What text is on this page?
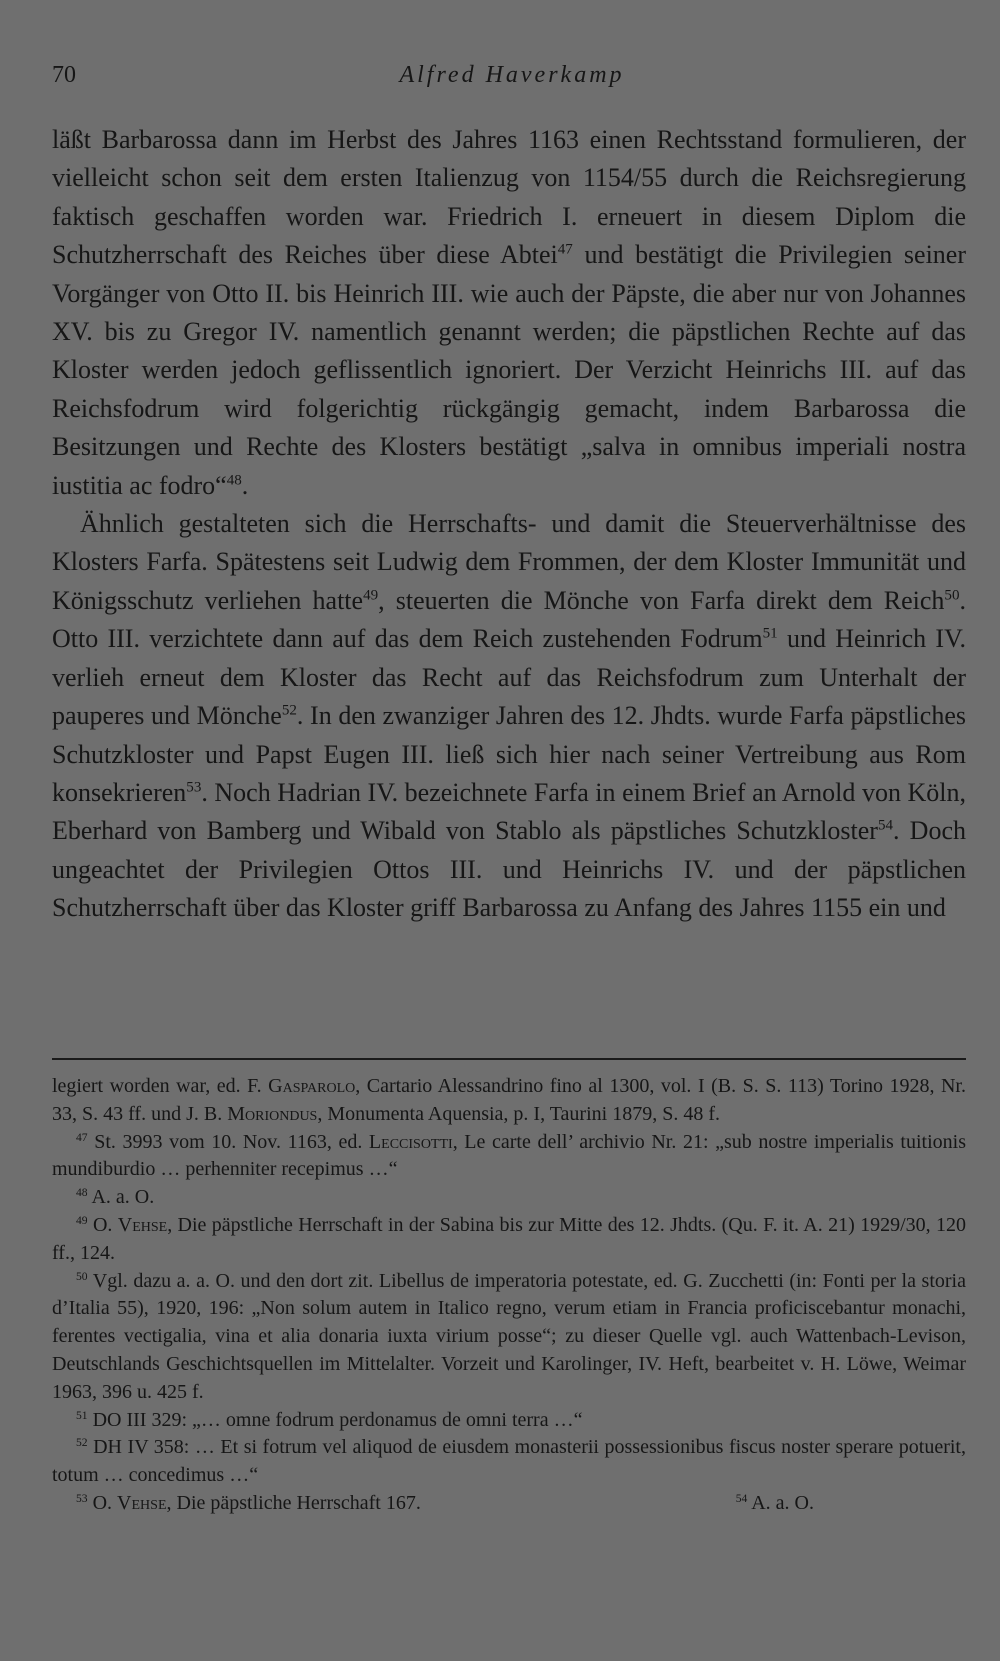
70	Alfred Haverkamp

läßt Barbarossa dann im Herbst des Jahres 1163 einen Rechtsstand formulieren, der vielleicht schon seit dem ersten Italienzug von 1154/55 durch die Reichsregierung faktisch geschaffen worden war. Friedrich I. erneuert in diesem Diplom die Schutzherrschaft des Reiches über diese Abtei$^{47}$ und bestätigt die Privilegien seiner Vorgänger von Otto II. bis Heinrich III. wie auch der Päpste, die aber nur von Johannes XV. bis zu Gregor IV. namentlich genannt werden; die päpstlichen Rechte auf das Kloster werden jedoch geflissentlich ignoriert. Der Verzicht Heinrichs III. auf das Reichsfodrum wird folgerichtig rückgängig gemacht, indem Barbarossa die Besitzungen und Rechte des Klosters bestätigt „salva in omnibus imperiali nostra iustitia ac fodro“$^{48}$.

Ähnlich gestalteten sich die Herrschafts- und damit die Steuerverhältnisse des Klosters Farfa. Spätestens seit Ludwig dem Frommen, der dem Kloster Immunität und Königsschutz verliehen hatte$^{49}$, steuerten die Mönche von Farfa direkt dem Reich$^{50}$. Otto III. verzichtete dann auf das dem Reich zustehenden Fodrum$^{51}$ und Heinrich IV. verlieh erneut dem Kloster das Recht auf das Reichsfodrum zum Unterhalt der pauperes und Mönche$^{52}$. In den zwanziger Jahren des 12. Jhdts. wurde Farfa päpstliches Schutzkloster und Papst Eugen III. ließ sich hier nach seiner Vertreibung aus Rom konsekrieren$^{53}$. Noch Hadrian IV. bezeichnete Farfa in einem Brief an Arnold von Köln, Eberhard von Bamberg und Wibald von Stablo als päpstliches Schutzkloster$^{54}$. Doch ungeachtet der Privilegien Ottos III. und Heinrichs IV. und der päpstlichen Schutzherrschaft über das Kloster griff Barbarossa zu Anfang des Jahres 1155 ein und

legiert worden war, ed. F. Gasparolo, Cartario Alessandrino fino al 1300, vol. I (B. S. S. 113) Torino 1928, Nr. 33, S. 43 ff. und J. B. Moriondus, Monumenta Aquensia, p. I, Taurini 1879, S. 48 f.

$^{47}$ St. 3993 vom 10. Nov. 1163, ed. Leccisotti, Le carte dell’ archivio Nr. 21: „sub nostre imperialis tuitionis mundiburdio … perhenniter recepimus …“

$^{48}$ A. a. O.

$^{49}$ O. Vehse, Die päpstliche Herrschaft in der Sabina bis zur Mitte des 12. Jhdts. (Qu. F. it. A. 21) 1929/30, 120 ff., 124.

$^{50}$ Vgl. dazu a. a. O. und den dort zit. Libellus de imperatoria potestate, ed. G. Zucchetti (in: Fonti per la storia d’Italia 55), 1920, 196: „Non solum autem in Italico regno, verum etiam in Francia proficiscebantur monachi, ferentes vectigalia, vina et alia donaria iuxta virium posse“; zu dieser Quelle vgl. auch Wattenbach-Levison, Deutschlands Geschichtsquellen im Mittelalter. Vorzeit und Karolinger, IV. Heft, bearbeitet v. H. Löwe, Weimar 1963, 396 u. 425 f.

$^{51}$ DO III 329: „… omne fodrum perdonamus de omni terra …“

$^{52}$ DH IV 358: … Et si fotrum vel aliquod de eiusdem monasterii possessionibus fiscus noster sperare potuerit, totum … concedimus …“

$^{53}$ O. Vehse, Die päpstliche Herrschaft 167.	$^{54}$ A. a. O.
